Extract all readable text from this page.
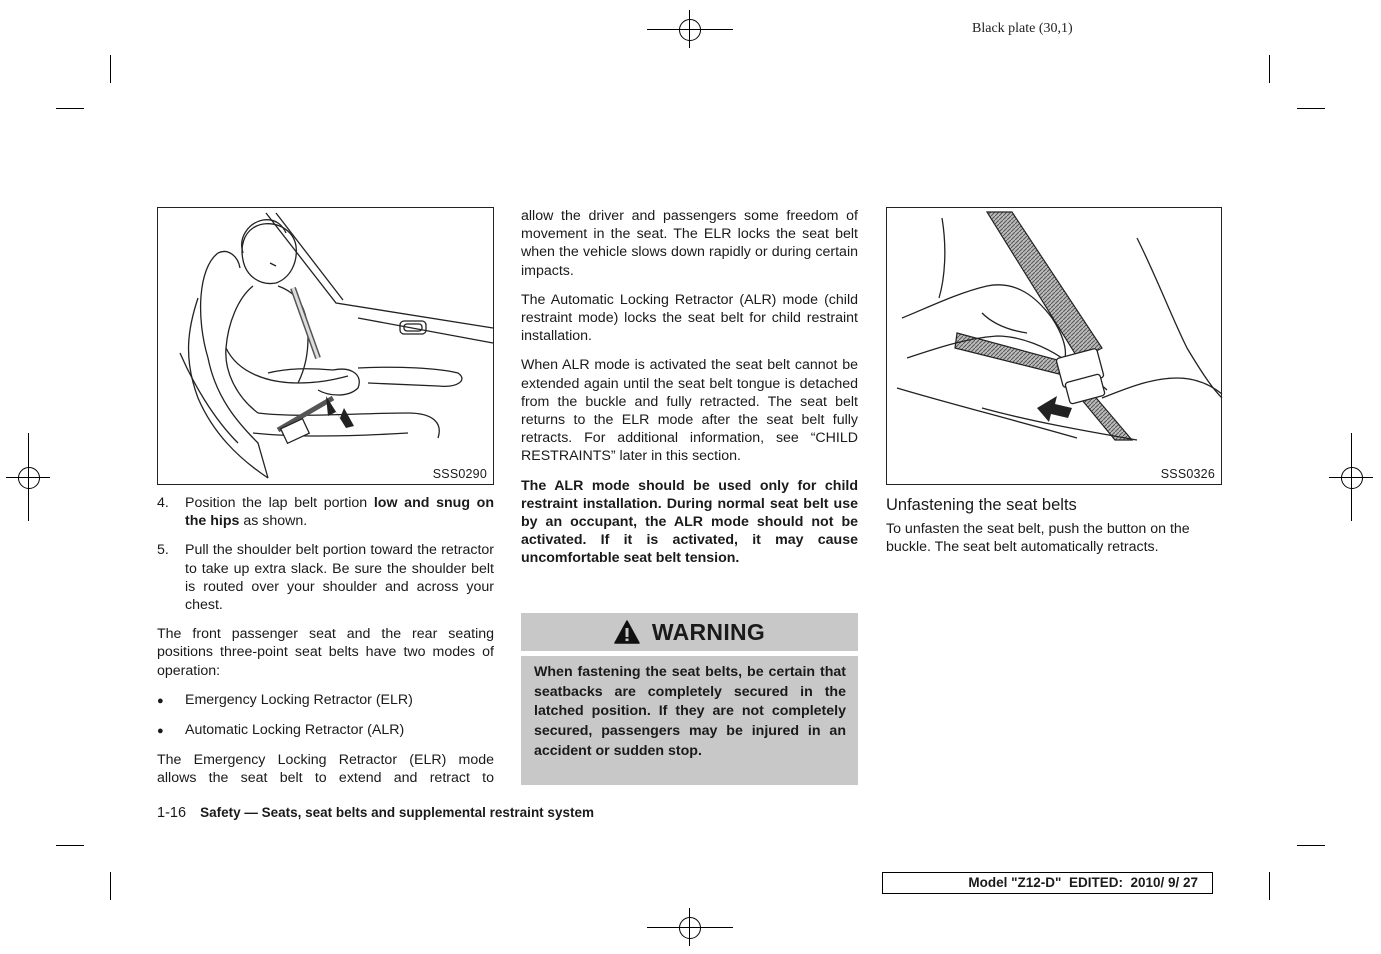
Black plate (30,1)
SSS0290
4.	Position the lap belt portion low and snug on the hips as shown.
5.	Pull the shoulder belt portion toward the retractor to take up extra slack. Be sure the shoulder belt is routed over your shoulder and across your chest.

The front passenger seat and the rear seating positions three-point seat belts have two modes of operation:

●	Emergency Locking Retractor (ELR)
●	Automatic Locking Retractor (ALR)

The Emergency Locking Retractor (ELR) mode allows the seat belt to extend and retract to

allow the driver and passengers some freedom of movement in the seat. The ELR locks the seat belt when the vehicle slows down rapidly or during certain impacts.

The Automatic Locking Retractor (ALR) mode (child restraint mode) locks the seat belt for child restraint installation.

When ALR mode is activated the seat belt cannot be extended again until the seat belt tongue is detached from the buckle and fully retracted. The seat belt returns to the ELR mode after the seat belt fully retracts. For additional information, see “CHILD RESTRAINTS” later in this section.

The ALR mode should be used only for child restraint installation. During normal seat belt use by an occupant, the ALR mode should not be activated. If it is activated, it may cause uncomfortable seat belt tension.

WARNING
When fastening the seat belts, be certain that seatbacks are completely secured in the latched position. If they are not completely secured, passengers may be injured in an accident or sudden stop.
SSS0326
Unfastening the seat belts

To unfasten the seat belt, push the button on the buckle. The seat belt automatically retracts.

1-16 Safety — Seats, seat belts and supplemental restraint system
Model "Z12-D"  EDITED:  2010/ 9/ 27
